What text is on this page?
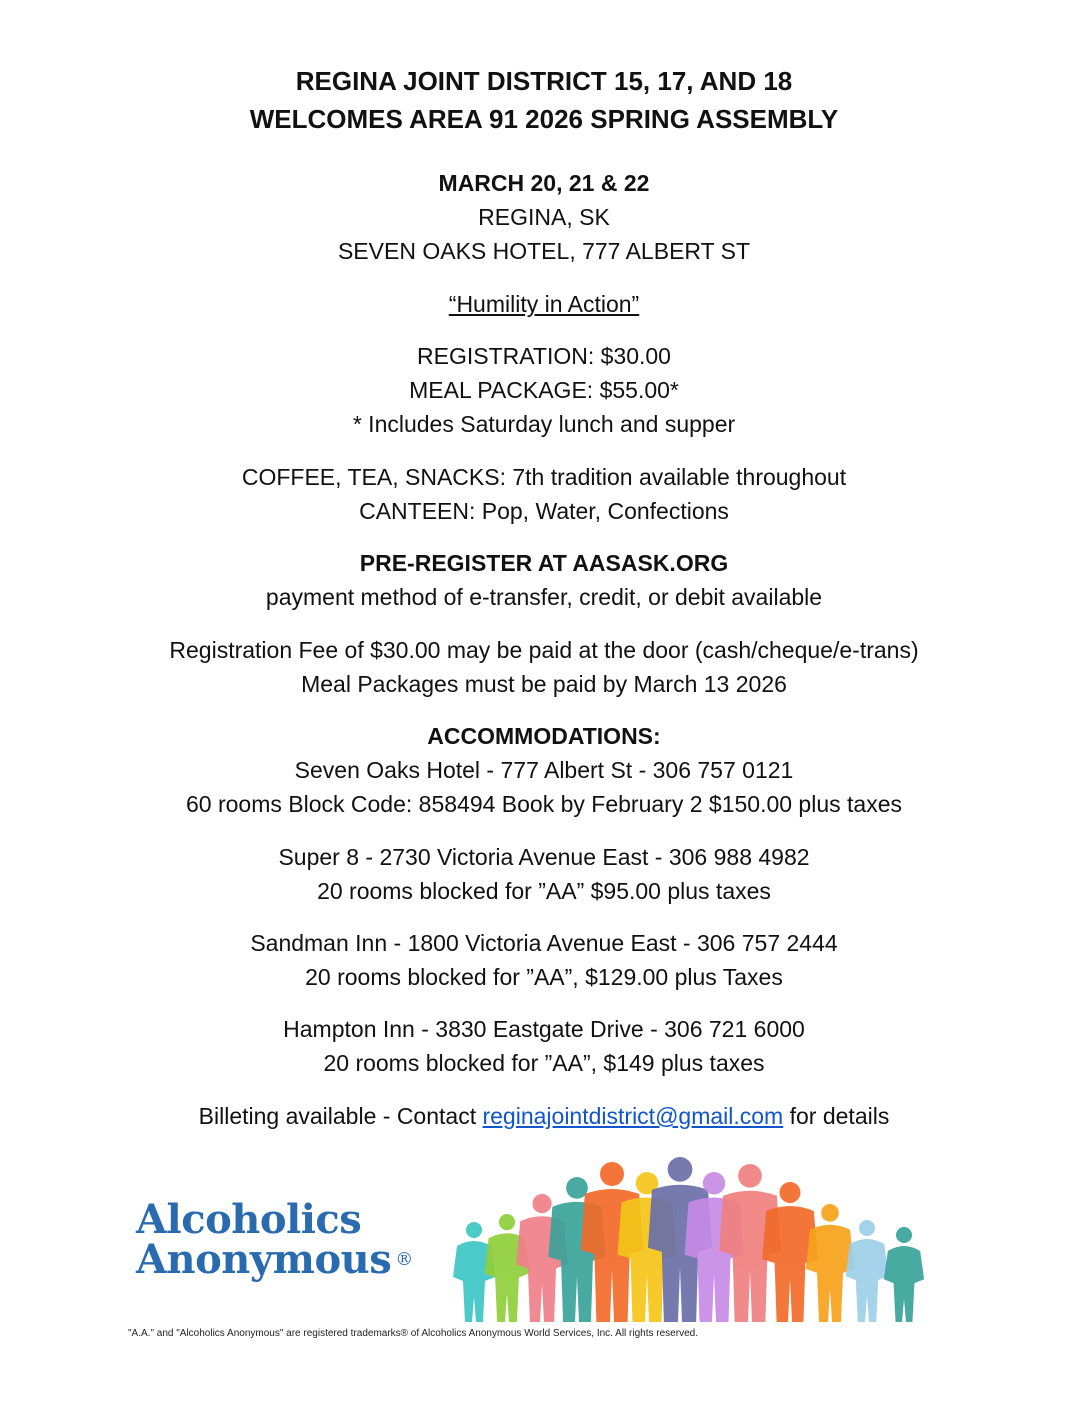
REGINA JOINT DISTRICT 15, 17, AND 18
WELCOMES AREA 91 2026 SPRING ASSEMBLY
MARCH 20, 21 & 22
REGINA, SK
SEVEN OAKS HOTEL, 777 ALBERT ST
“Humility in Action”
REGISTRATION: $30.00
MEAL PACKAGE: $55.00*
* Includes Saturday lunch and supper
COFFEE, TEA, SNACKS: 7th tradition available throughout
CANTEEN: Pop, Water, Confections
PRE-REGISTER AT AASASK.ORG
payment method of e-transfer, credit, or debit available
Registration Fee of $30.00 may be paid at the door (cash/cheque/e-trans)
Meal Packages must be paid by March 13 2026
ACCOMMODATIONS:
Seven Oaks Hotel - 777 Albert St - 306 757 0121
60 rooms Block Code: 858494 Book by February 2 $150.00 plus taxes
Super 8 - 2730 Victoria Avenue East - 306 988 4982
20 rooms blocked for ”AA” $95.00 plus taxes
Sandman Inn - 1800 Victoria Avenue East - 306 757 2444
20 rooms blocked for ”AA”, $129.00 plus Taxes
Hampton Inn - 3830 Eastgate Drive - 306 721 6000
20 rooms blocked for ”AA”, $149 plus taxes
Billeting available - Contact reginajointdistrict@gmail.com for details
Alcoholics
Anonymous ®
"A.A." and "Alcoholics Anonymous" are registered trademarks® of Alcoholics Anonymous World Services, Inc. All rights reserved.
